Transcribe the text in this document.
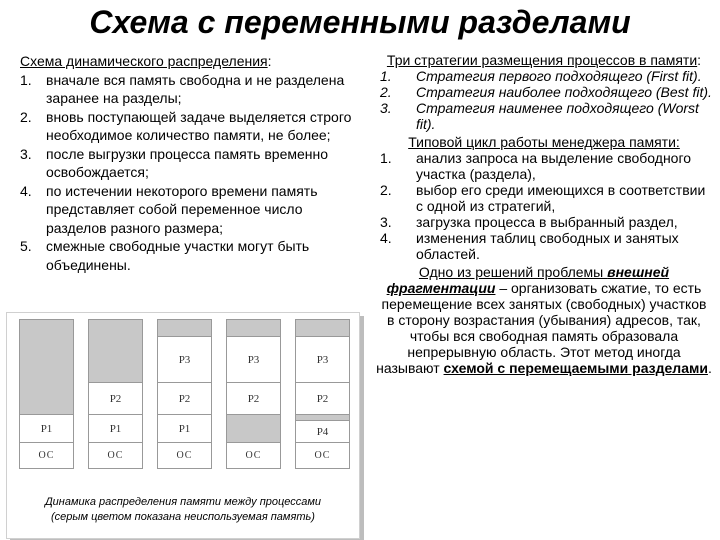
Схема с переменными разделами
Схема динамического распределения:
1.	вначале вся память свободна и не разделена заранее на разделы;
2.	вновь поступающей задаче выделяется строго необходимое количество памяти, не более;
3.	после выгрузки процесса память временно освобождается;
4.	по истечении некоторого времени память представляет собой переменное число разделов разного размера;
5.	смежные свободные участки могут быть объединены.
P1
OC
P2
P1
OC
P3
P2
P1
OC
P3
P2
OC
P3
P2
P4
OC
Динамика распределения памяти между процессами
(серым цветом показана неиспользуемая память)
Три стратегии размещения процессов в памяти:
1.	Стратегия первого подходящего (First fit).
2.	Стратегия наиболее подходящего (Best fit).
3.	Стратегия наименее подходящего (Worst fit).
Типовой цикл работы менеджера памяти:
1.	анализ запроса на выделение свободного участка (раздела),
2.	выбор его среди имеющихся в соответствии с одной из стратегий,
3.	загрузка процесса в выбранный раздел,
4.	изменения таблиц свободных и занятых областей.
Одно из решений проблемы внешней фрагментации – организовать сжатие, то есть перемещение всех занятых (свободных) участков в сторону возрастания (убывания) адресов, так, чтобы вся свободная память образовала непрерывную область. Этот метод иногда называют схемой с перемещаемыми разделами.
